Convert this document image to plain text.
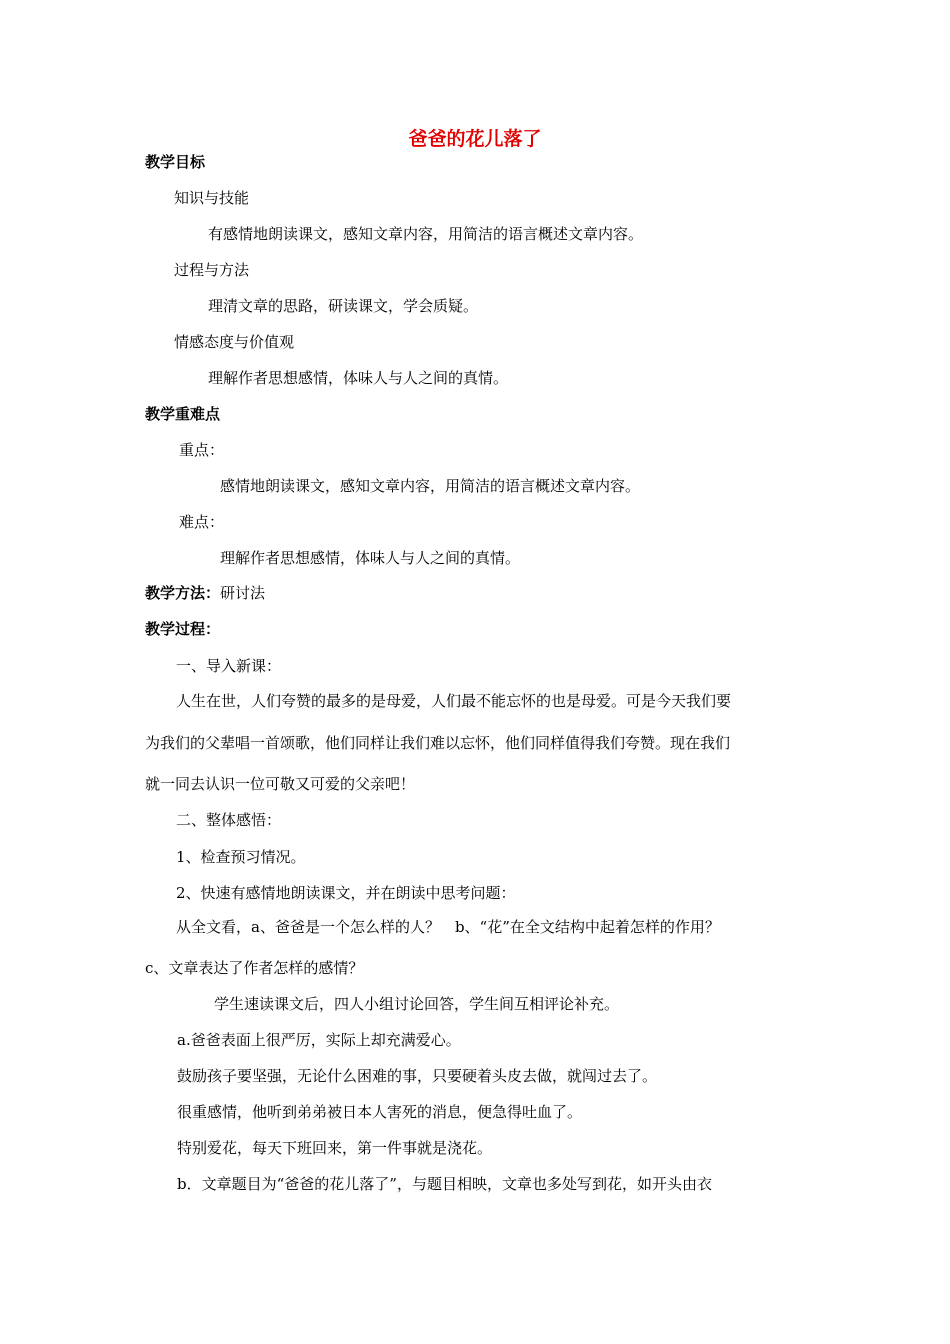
爸爸的花儿落了
教学目标
知识与技能
有感情地朗读课文，感知文章内容，用简洁的语言概述文章内容。
过程与方法
理清文章的思路，研读课文，学会质疑。
情感态度与价值观
理解作者思想感情，体味人与人之间的真情。
教学重难点
重点：
感情地朗读课文，感知文章内容，用简洁的语言概述文章内容。
难点：
理解作者思想感情，体味人与人之间的真情。
教学方法：研讨法
教学过程：
一、导入新课：
人生在世，人们夸赞的最多的是母爱，人们最不能忘怀的也是母爱。可是今天我们要
为我们的父辈唱一首颂歌，他们同样让我们难以忘怀，他们同样值得我们夸赞。现在我们
就一同去认识一位可敬又可爱的父亲吧！
二、整体感悟：
1、检查预习情况。
2、快速有感情地朗读课文，并在朗读中思考问题：
从全文看，a、爸爸是一个怎么样的人？　b、“花”在全文结构中起着怎样的作用？
c、文章表达了作者怎样的感情？
学生速读课文后，四人小组讨论回答，学生间互相评论补充。
a.爸爸表面上很严厉，实际上却充满爱心。
鼓励孩子要坚强，无论什么困难的事，只要硬着头皮去做，就闯过去了。
很重感情，他听到弟弟被日本人害死的消息，便急得吐血了。
特别爱花，每天下班回来，第一件事就是浇花。
b．文章题目为“爸爸的花儿落了”，与题目相映，文章也多处写到花，如开头由衣
